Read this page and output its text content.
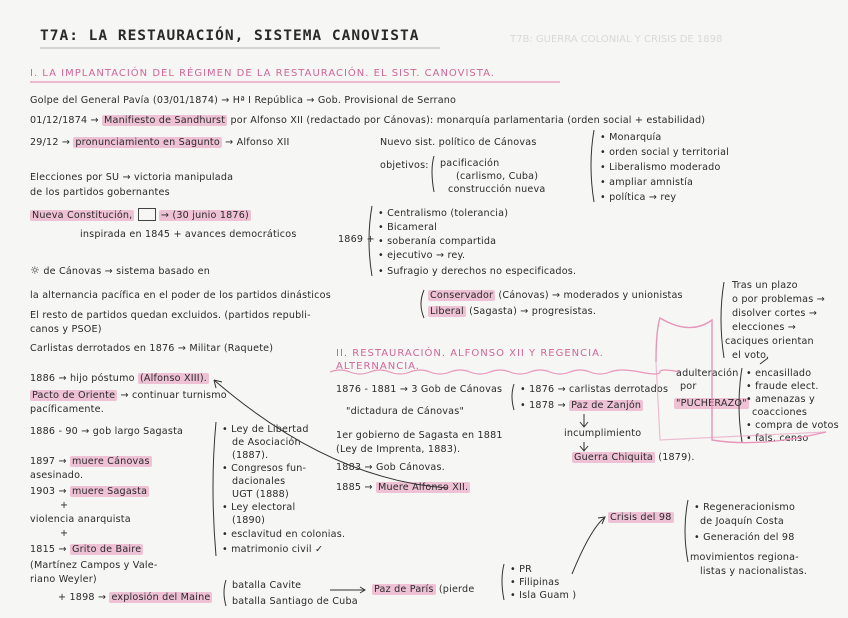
T7B: GUERRA COLONIAL Y CRISIS DE 1898
T7A: LA RESTAURACIÓN, SISTEMA CANOVISTA
I. LA IMPLANTACIÓN DEL RÉGIMEN DE LA RESTAURACIÓN. EL SIST. CANOVISTA.
Golpe del General Pavía (03/01/1874) → Hª I República → Gob. Provisional de Serrano
01/12/1874 → Manifiesto de Sandhurst por Alfonso XII (redactado por Cánovas): monarquía parlamentaria (orden social + estabilidad)
29/12 → pronunciamiento en Sagunto → Alfonso XII
Elecciones por SU → victoria manipulada
de los partidos gobernantes
Nueva Constitución,	→ (30 junio 1876)
inspirada en 1845 + avances democráticos	1869 +
Nuevo sist. político de Cánovas
objetivos: pacificación
(carlismo, Cuba)
construcción nueva
• Monarquía
• orden social y territorial
• Liberalismo moderado
• ampliar amnistía
• política → rey
• Centralismo (tolerancia)
• Bicameral
• soberanía compartida
• ejecutivo → rey.
• Sufragio y derechos no especificados.
☼ de Cánovas → sistema basado en
la alternancia pacífica en el poder de los partidos dinásticos	Conservador (Cánovas) → moderados y unionistas
Liberal (Sagasta) → progresistas.
El resto de partidos quedan excluidos. (partidos republi-
canos y PSOE)
Carlistas derrotados en 1876 → Militar (Raquete)
Tras un plazo
o por problemas →
disolver cortes →
elecciones →
caciques orientan
el voto.
adulteración
por
"PUCHERAZO"
• encasillado
• fraude elect.
• amenazas y
coacciones
• compra de votos
• fals. censo
II. RESTAURACIÓN. ALFONSO XII Y REGENCIA.
ALTERNANCIA.
1886 → hijo póstumo (Alfonso XIII).
Pacto de Oriente → continuar turnismo
pacíficamente.
1886 - 90 → gob largo Sagasta
1897 → muere Cánovas
asesinado.
1903 → muere Sagasta
+
violencia anarquista
+
1815 → Grito de Baire
(Martínez Campos y Vale-
riano Weyler)
+ 1898 → explosión del Maine
batalla Cavite
batalla Santiago de Cuba
• Ley de Libertad
de Asociación
(1887).
• Congresos fun-
dacionales
UGT (1888)
• Ley electoral
(1890)
• esclavitud en colonias.
• matrimonio civil ✓
1876 - 1881 → 3 Gob de Cánovas
"dictadura de Cánovas"
1er gobierno de Sagasta en 1881
(Ley de Imprenta, 1883).
1883 → Gob Cánovas.
1885 → Muere Alfonso XII.
• 1876 → carlistas derrotados
• 1878 → Paz de Zanjón
incumplimiento
Guerra Chiquita (1879).
Paz de París (pierde
• PR
• Filipinas
• Isla Guam )
Crisis del 98
• Regeneracionismo
de Joaquín Costa
• Generación del 98
movimientos regiona-
listas y nacionalistas.
